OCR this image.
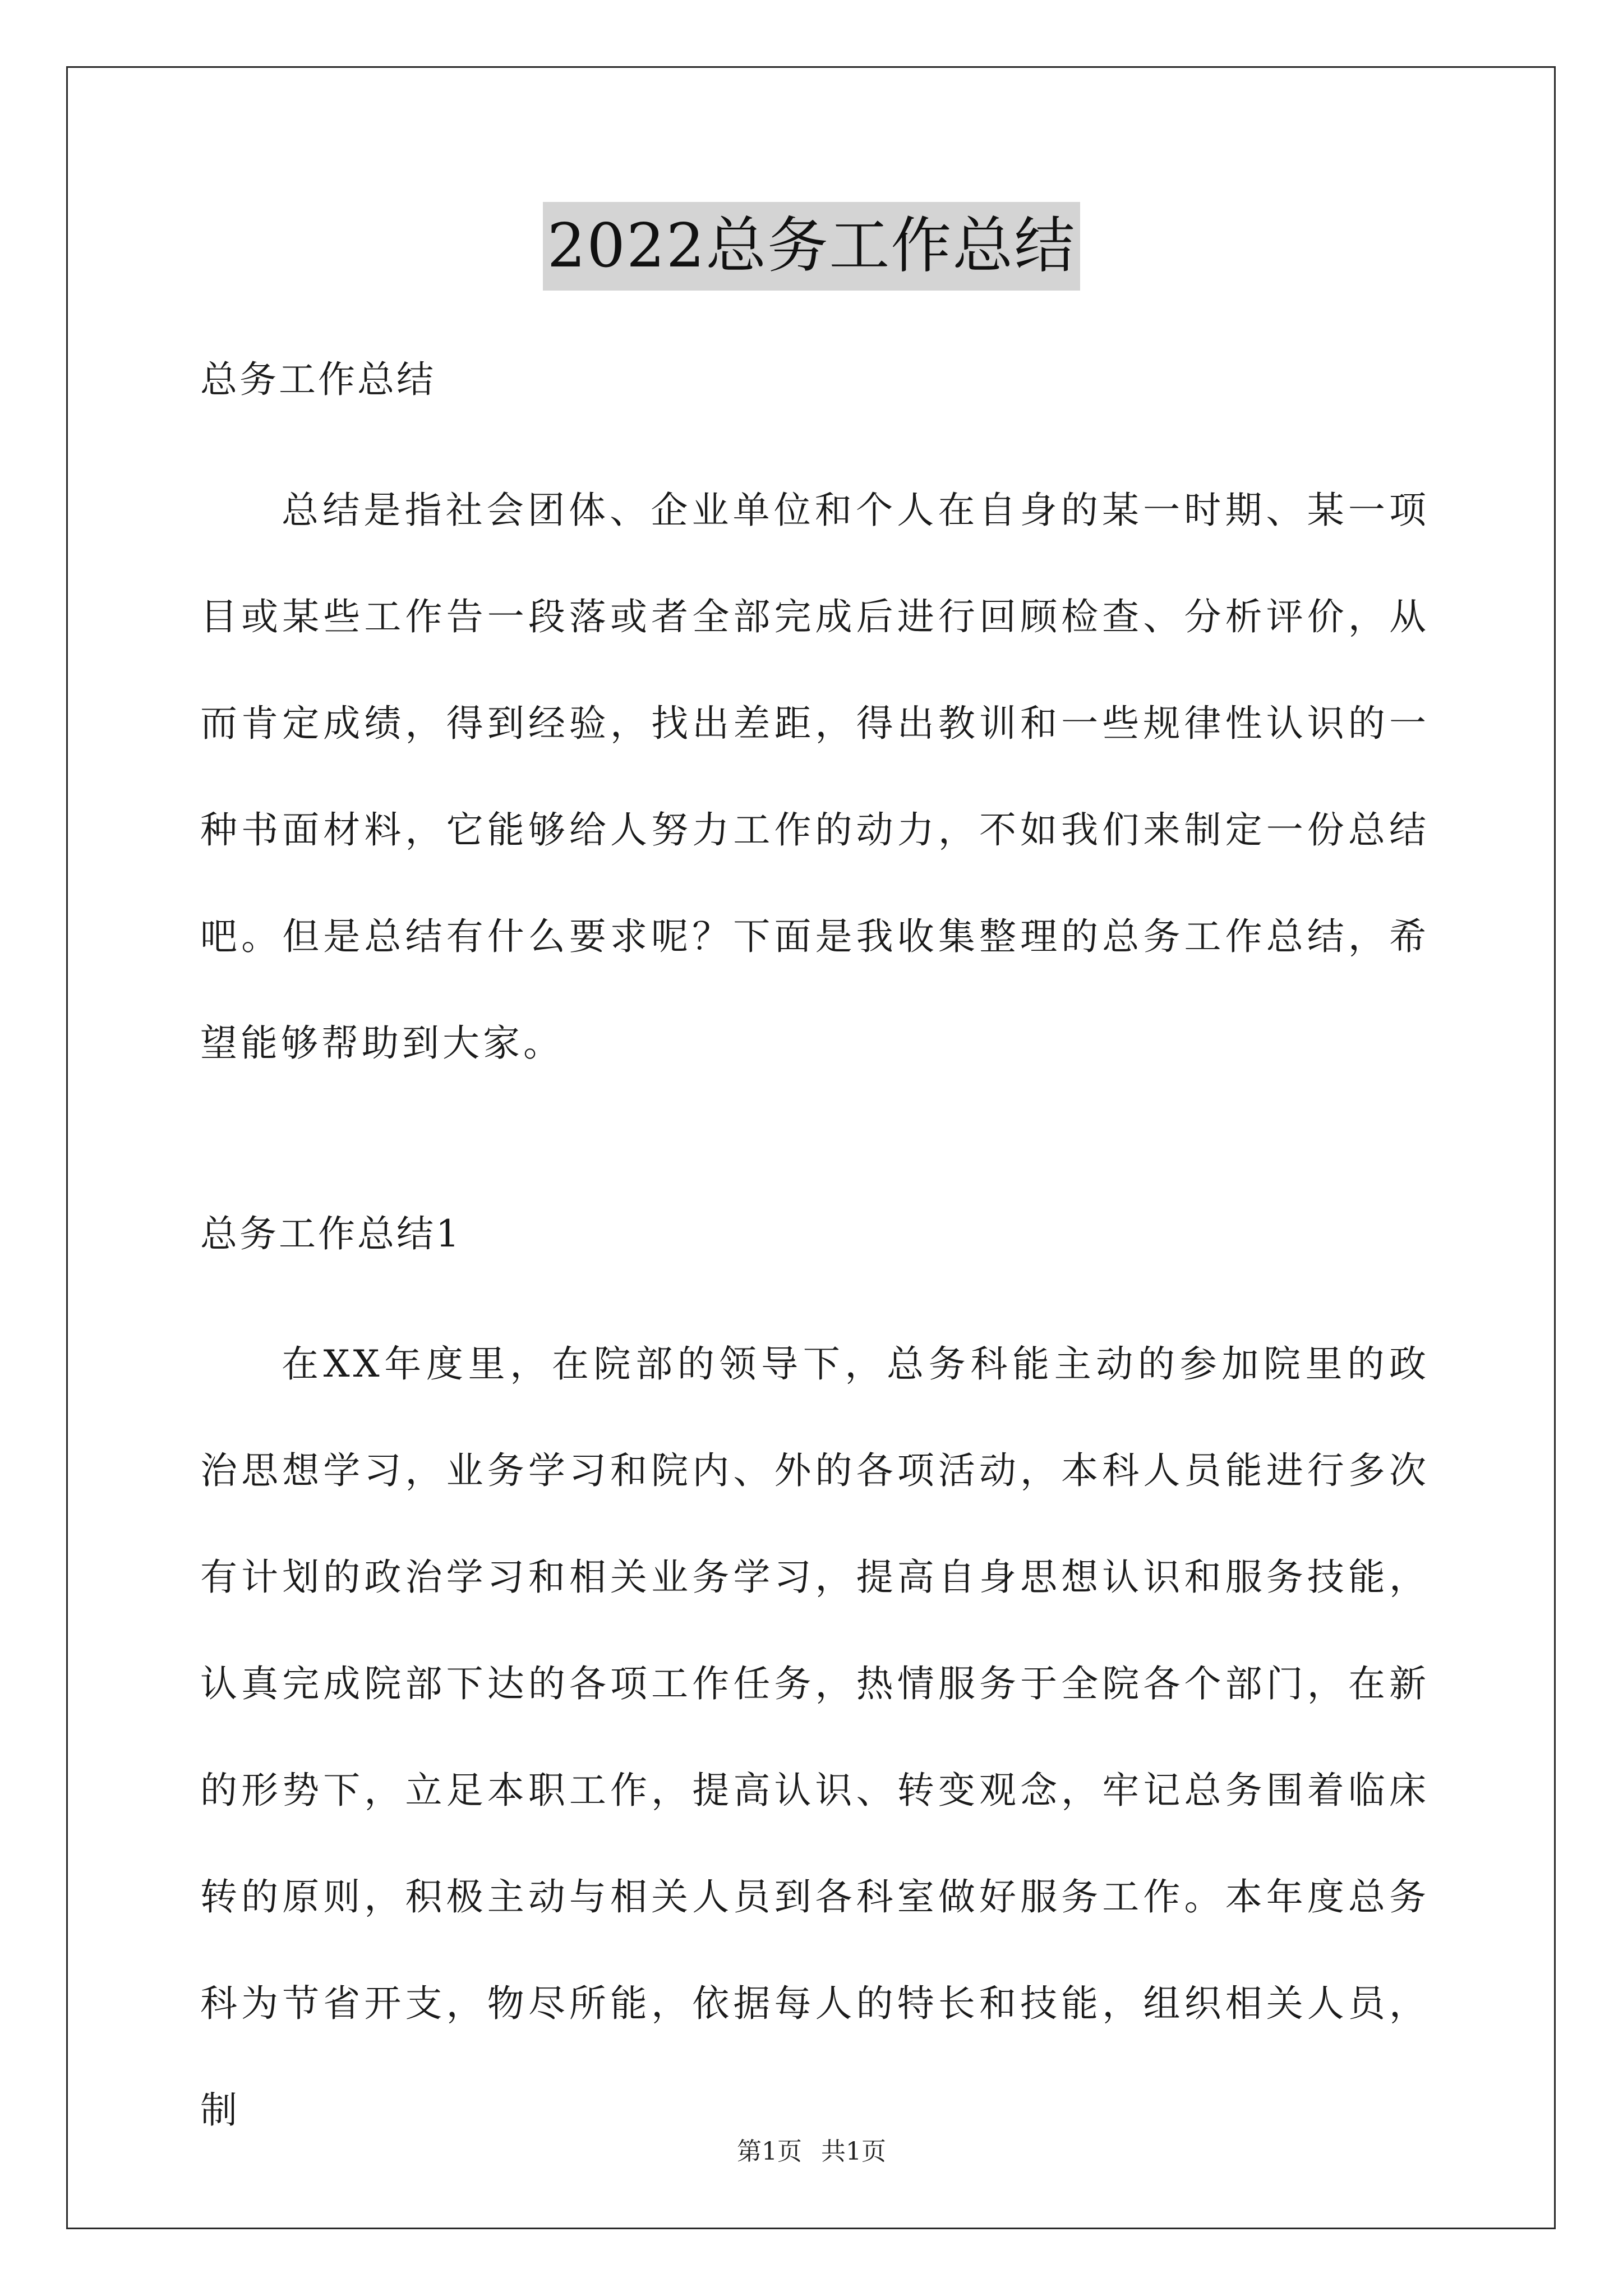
2022总务工作总结
总务工作总结

总结是指社会团体、企业单位和个人在自身的某一时期、某一项目或某些工作告一段落或者全部完成后进行回顾检查、分析评价，从而肯定成绩，得到经验，找出差距，得出教训和一些规律性认识的一种书面材料，它能够给人努力工作的动力，不如我们来制定一份总结吧。但是总结有什么要求呢？下面是我收集整理的总务工作总结，希望能够帮助到大家。

总务工作总结1

在XX年度里，在院部的领导下，总务科能主动的参加院里的政治思想学习，业务学习和院内、外的各项活动，本科人员能进行多次有计划的政治学习和相关业务学习，提高自身思想认识和服务技能，认真完成院部下达的各项工作任务，热情服务于全院各个部门，在新的形势下，立足本职工作，提高认识、转变观念，牢记总务围着临床转的原则，积极主动与相关人员到各科室做好服务工作。本年度总务科为节省开支，物尽所能，依据每人的特长和技能，组织相关人员，制

第1页 共1页
